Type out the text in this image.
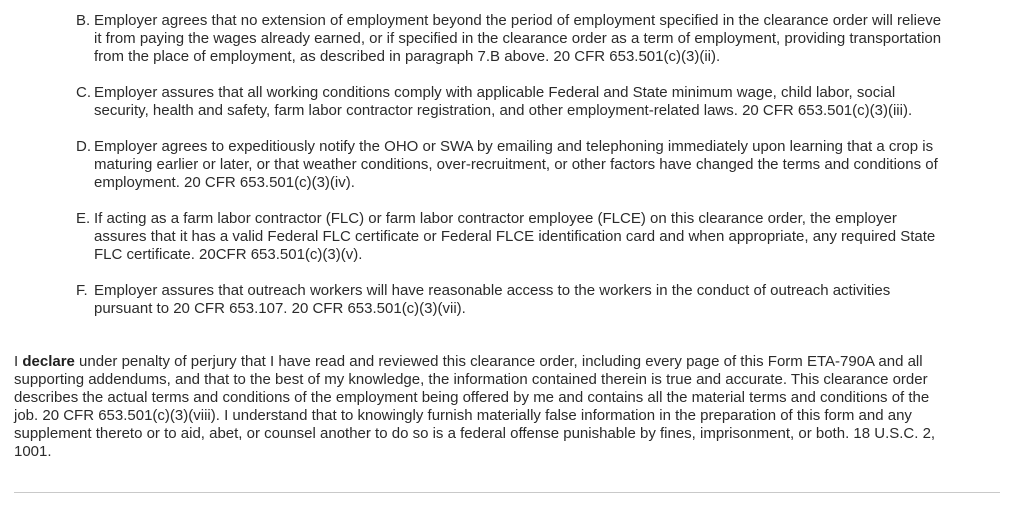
B. Employer agrees that no extension of employment beyond the period of employment specified in the clearance order will relieve
it from paying the wages already earned, or if specified in the clearance order as a term of employment, providing transportation
from the place of employment, as described in paragraph 7.B above. 20 CFR 653.501(c)(3)(ii).
C. Employer assures that all working conditions comply with applicable Federal and State minimum wage, child labor, social
security, health and safety, farm labor contractor registration, and other employment-related laws. 20 CFR 653.501(c)(3)(iii).
D. Employer agrees to expeditiously notify the OHO or SWA by emailing and telephoning immediately upon learning that a crop is
maturing earlier or later, or that weather conditions, over-recruitment, or other factors have changed the terms and conditions of
employment. 20 CFR 653.501(c)(3)(iv).
E. If acting as a farm labor contractor (FLC) or farm labor contractor employee (FLCE) on this clearance order, the employer
assures that it has a valid Federal FLC certificate or Federal FLCE identification card and when appropriate, any required State
FLC certificate. 20CFR 653.501(c)(3)(v).
F. Employer assures that outreach workers will have reasonable access to the workers in the conduct of outreach activities
pursuant to 20 CFR 653.107. 20 CFR 653.501(c)(3)(vii).

I declare under penalty of perjury that I have read and reviewed this clearance order, including every page of this Form ETA-790A and all
supporting addendums, and that to the best of my knowledge, the information contained therein is true and accurate. This clearance order
describes the actual terms and conditions of the employment being offered by me and contains all the material terms and conditions of the
job. 20 CFR 653.501(c)(3)(viii). I understand that to knowingly furnish materially false information in the preparation of this form and any
supplement thereto or to aid, abet, or counsel another to do so is a federal offense punishable by fines, imprisonment, or both. 18 U.S.C. 2,
1001.
